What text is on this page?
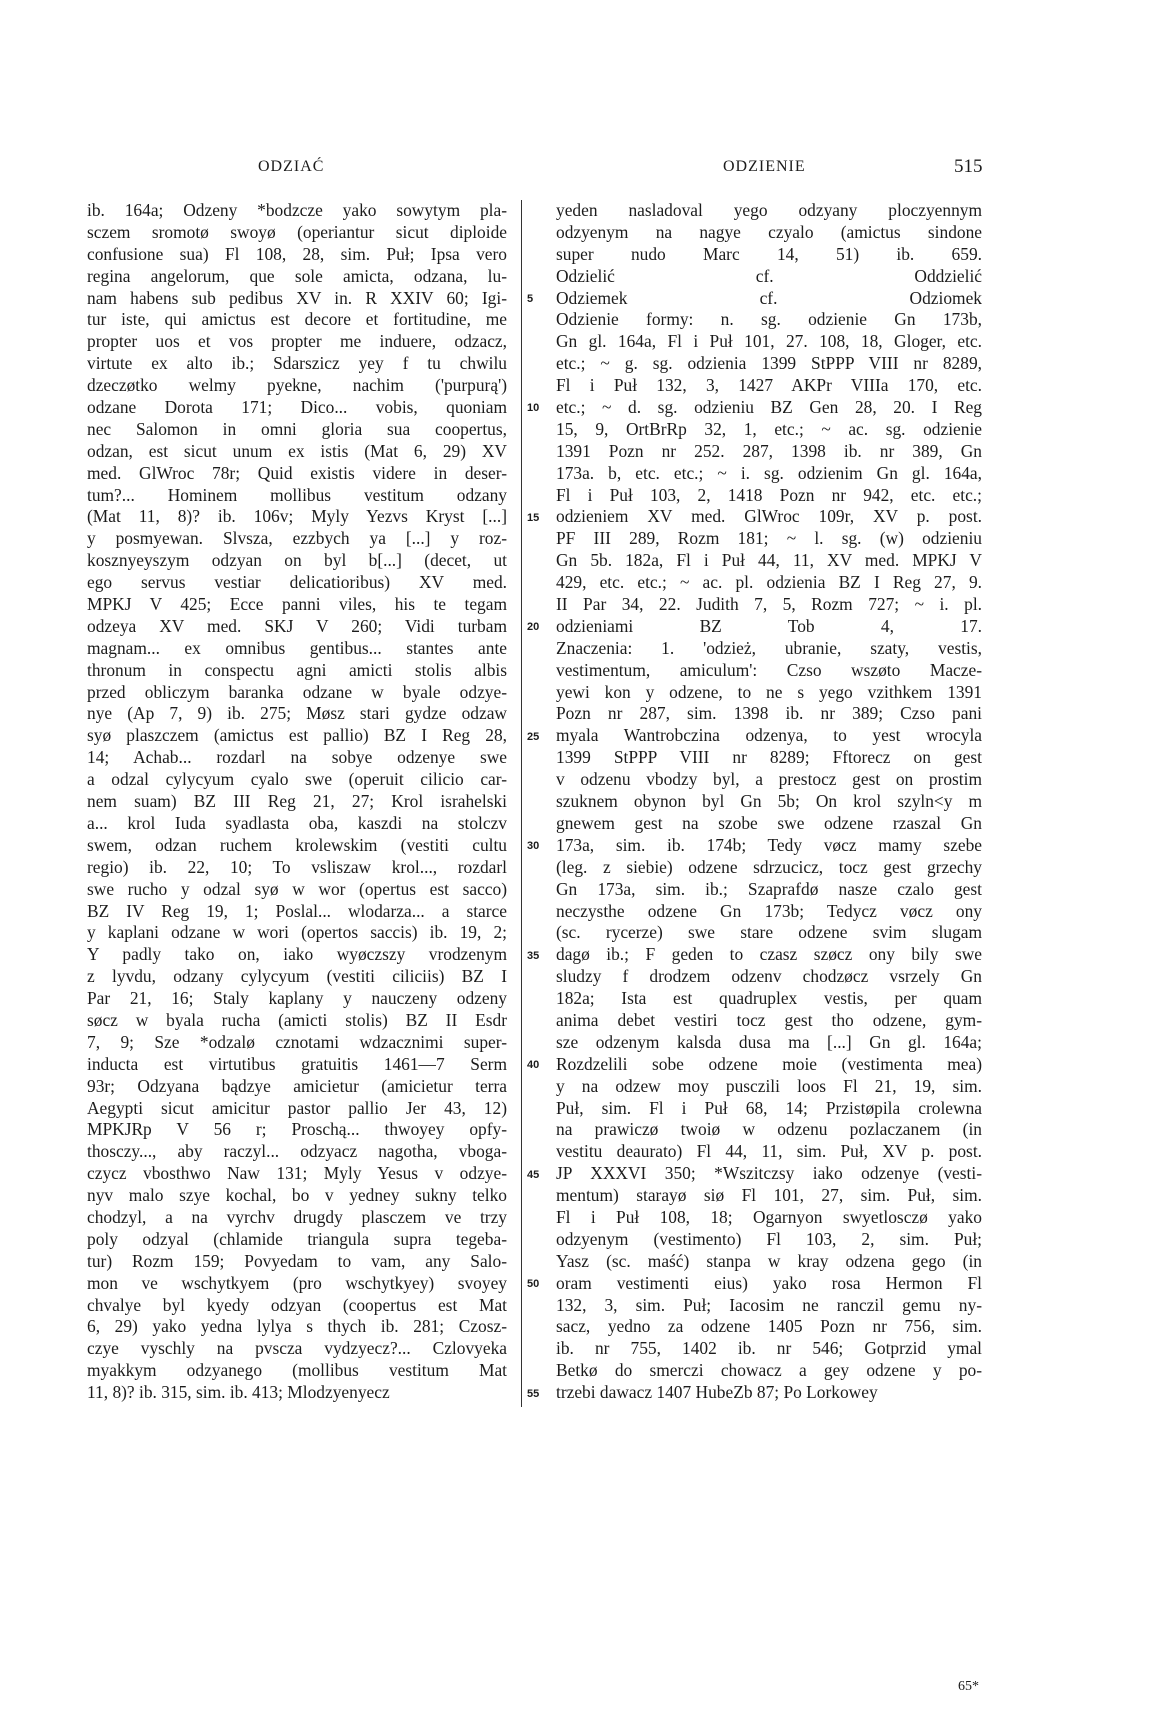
ODZIAĆ	ODZIENIE	515
ib. 164a; Odzeny *bodzcze yako sowytym pla-
sczem sromotø swoyø (operiantur sicut diploide
confusione sua) Fl 108, 28, sim. Puł; Ipsa vero
regina angelorum, que sole amicta, odzana, lu-
nam habens sub pedibus XV in. R XXIV 60; Igi-
tur iste, qui amictus est decore et fortitudine, me
propter uos et vos propter me induere, odzacz,
virtute ex alto ib.; Sdarszicz yey f tu chwilu
dzeczøtko welmy pyekne, nachim ('purpurą')
odzane Dorota 171; Dico... vobis, quoniam
nec Salomon in omni gloria sua coopertus,
odzan, est sicut unum ex istis (Mat 6, 29) XV
med. GlWroc 78r; Quid existis videre in deser-
tum?... Hominem mollibus vestitum odzany
(Mat 11, 8)? ib. 106v; Myly Yezvs Kryst [...]
y posmyewan. Slvsza, ezzbych ya [...] y roz-
kosznyeyszym odzyan on byl b[...] (decet, ut
ego servus vestiar delicatioribus) XV med.
MPKJ V 425; Ecce panni viles, his te tegam
odzeya XV med. SKJ V 260; Vidi turbam
magnam... ex omnibus gentibus... stantes ante
thronum in conspectu agni amicti stolis albis
przed obliczym baranka odzane w byale odzye-
nye (Ap 7, 9) ib. 275; Møsz stari gydze odzaw
syø plaszczem (amictus est pallio) BZ I Reg 28,
14; Achab... rozdarl na sobye odzenye swe
a odzal cylycyum cyalo swe (operuit cilicio car-
nem suam) BZ III Reg 21, 27; Krol israhelski
a... krol Iuda syadlasta oba, kaszdi na stolczv
swem, odzan ruchem krolewskim (vestiti cultu
regio) ib. 22, 10; To vsliszaw krol..., rozdarl
swe rucho y odzal syø w wor (opertus est sacco)
BZ IV Reg 19, 1; Poslal... wlodarza... a starce
y kaplani odzane w wori (opertos saccis) ib. 19, 2;
Y padly tako on, iako wyøczszy vrodzenym
z lyvdu, odzany cylycyum (vestiti ciliciis) BZ I
Par 21, 16; Staly kaplany y nauczeny odzeny
søcz w byala rucha (amicti stolis) BZ II Esdr
7, 9; Sze *odzalø cznotami wdzacznimi super-
inducta est virtutibus gratuitis 1461—7 Serm
93r; Odzyana bądzye amicietur (amicietur terra
Aegypti sicut amicitur pastor pallio Jer 43, 12)
MPKJRp V 56 r; Proschą... thwoyey opfy-
thosczy..., aby raczyl... odzyacz nagotha, vboga-
czycz vbosthwo Naw 131; Myly Yesus v odzye-
nyv malo szye kochal, bo v yedney sukny telko
chodzyl, a na vyrchv drugdy plasczem ve trzy
poly odzyal (chlamide triangula supra tegeba-
tur) Rozm 159; Povyedam to vam, any Salo-
mon ve wschytkyem (pro wschytkyey) svoyey
chvalye byl kyedy odzyan (coopertus est Mat
6, 29) yako yedna lylya s thych ib. 281; Czosz-
czye vyschly na pvscza vydzyecz?... Czlovyeka
myakkym odzyanego (mollibus vestitum Mat
11, 8)? ib. 315, sim. ib. 413; Mlodzyenyecz
yeden nasladoval yego odzyany ploczyennym
odzyenym na nagye czyalo (amictus sindone
super nudo Marc 14, 51) ib. 659.
Odzielić cf. Oddzielić
Odziemek cf. Odziomek
Odzienie formy: n. sg. odzienie Gn 173b,
Gn gl. 164a, Fl i Puł 101, 27. 108, 18, Gloger, etc.
etc.; ~ g. sg. odzienia 1399 StPPP VIII nr 8289,
Fl i Puł 132, 3, 1427 AKPr VIIIa 170, etc.
etc.; ~ d. sg. odzieniu BZ Gen 28, 20. I Reg
15, 9, OrtBrRp 32, 1, etc.; ~ ac. sg. odzienie
1391 Pozn nr 252. 287, 1398 ib. nr 389, Gn
173a. b, etc. etc.; ~ i. sg. odzienim Gn gl. 164a,
Fl i Puł 103, 2, 1418 Pozn nr 942, etc. etc.;
odzieniem XV med. GlWroc 109r, XV p. post.
PF III 289, Rozm 181; ~ l. sg. (w) odzieniu
Gn 5b. 182a, Fl i Puł 44, 11, XV med. MPKJ V
429, etc. etc.; ~ ac. pl. odzienia BZ I Reg 27, 9.
II Par 34, 22. Judith 7, 5, Rozm 727; ~ i. pl.
odzieniami BZ Tob 4, 17.
Znaczenia: 1. 'odzież, ubranie, szaty, vestis,
vestimentum, amiculum': Czso wszøto Macze-
yewi kon y odzene, to ne s yego vzithkem 1391
Pozn nr 287, sim. 1398 ib. nr 389; Czso pani
myala Wantrobczina odzenya, to yest wrocyla
1399 StPPP VIII nr 8289; Fftorecz on gest
v odzenu vbodzy byl, a prestocz gest on prostim
szuknem obynon byl Gn 5b; On krol szyln<y m
gnewem gest na szobe swe odzene rzaszal Gn
173a, sim. ib. 174b; Tedy vøcz mamy szebe
(leg. z siebie) odzene sdrzucicz, tocz gest grzechy
Gn 173a, sim. ib.; Szaprafdø nasze czalo gest
neczysthe odzene Gn 173b; Tedycz vøcz ony
(sc. rycerze) swe stare odzene svim slugam
dagø ib.; F geden to czasz szøcz ony bily swe
sludzy f drodzem odzenv chodzøcz vsrzely Gn
182a; Ista est quadruplex vestis, per quam
anima debet vestiri tocz gest tho odzene, gym-
sze odzenym kalsda dusa ma [...] Gn gl. 164a;
Rozdzelili sobe odzene moie (vestimenta mea)
y na odzew moy pusczili loos Fl 21, 19, sim.
Puł, sim. Fl i Puł 68, 14; Przistøpila crolewna
na prawiczø twoiø w odzenu pozlaczanem (in
vestitu deaurato) Fl 44, 11, sim. Puł, XV p. post.
JP XXXVI 350; *Wszitczsy iako odzenye (vesti-
mentum) starayø siø Fl 101, 27, sim. Puł, sim.
Fl i Puł 108, 18; Ogarnyon swyetlosczø yako
odzyenym (vestimento) Fl 103, 2, sim. Puł;
Yasz (sc. maść) stanpa w kray odzena gego (in
oram vestimenti eius) yako rosa Hermon Fl
132, 3, sim. Puł; Iacosim ne ranczil gemu ny-
sacz, yedno za odzene 1405 Pozn nr 756, sim.
ib. nr 755, 1402 ib. nr 546; Gotprzid ymal
Betkø do smerczi chowacz a gey odzene y po-
trzebi dawacz 1407 HubeZb 87; Po Lorkowey
5
10
15
20
25
30
35
40
45
50
55
65*
